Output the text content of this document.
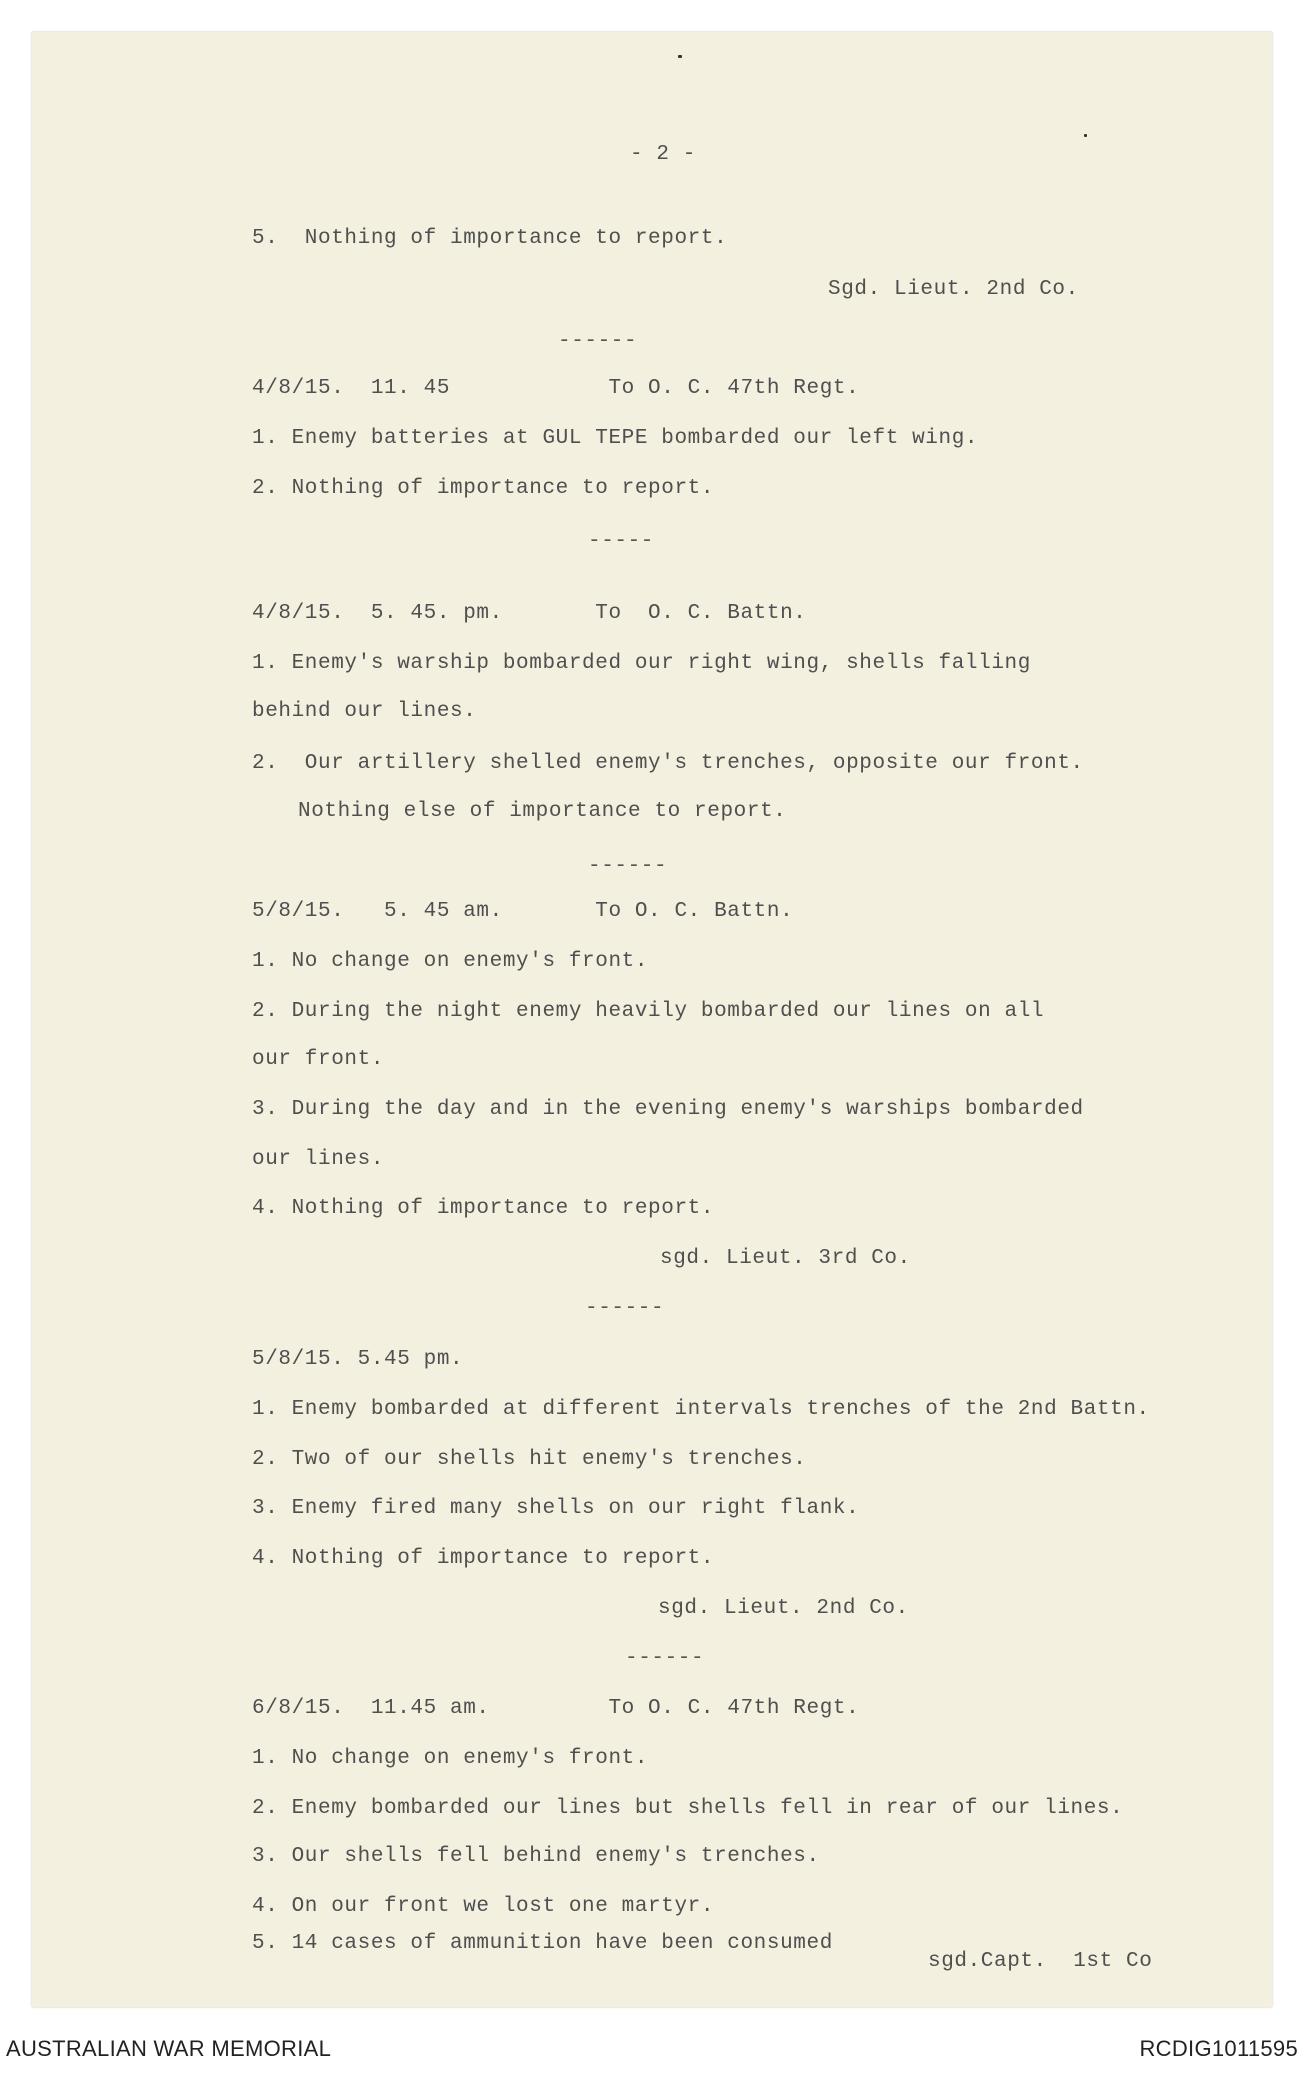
- 2 -
5.  Nothing of importance to report.
Sgd. Lieut. 2nd Co.
------
4/8/15.  11. 45            To O. C. 47th Regt.
1. Enemy batteries at GUL TEPE bombarded our left wing.
2. Nothing of importance to report.
-----
4/8/15.  5. 45. pm.       To  O. C. Battn.
1. Enemy's warship bombarded our right wing, shells falling
behind our lines.
2.  Our artillery shelled enemy's trenches, opposite our front.
Nothing else of importance to report.
------
5/8/15.   5. 45 am.       To O. C. Battn.
1. No change on enemy's front.
2. During the night enemy heavily bombarded our lines on all
our front.
3. During the day and in the evening enemy's warships bombarded
our lines.
4. Nothing of importance to report.
sgd. Lieut. 3rd Co.
------
5/8/15. 5.45 pm.
1. Enemy bombarded at different intervals trenches of the 2nd Battn.
2. Two of our shells hit enemy's trenches.
3. Enemy fired many shells on our right flank.
4. Nothing of importance to report.
sgd. Lieut. 2nd Co.
------
6/8/15.  11.45 am.         To O. C. 47th Regt.
1. No change on enemy's front.
2. Enemy bombarded our lines but shells fell in rear of our lines.
3. Our shells fell behind enemy's trenches.
4. On our front we lost one martyr.
5. 14 cases of ammunition have been consumed
sgd.Capt.  1st Co
AUSTRALIAN WAR MEMORIAL	RCDIG1011595
